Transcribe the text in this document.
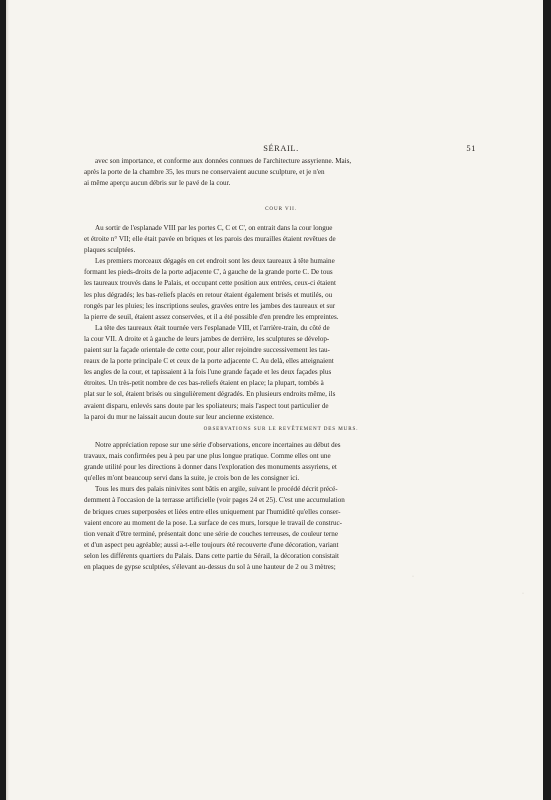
SÉRAIL.	51

avec son importance, et conforme aux données connues de l'architecture assyrienne. Mais,

après la porte de la chambre 35, les murs ne conservaient aucune sculpture, et je n'en

ai même aperçu aucun débris sur le pavé de la cour.

COUR VII.

Au sortir de l'esplanade VIII par les portes C, C et C', on entrait dans la cour longue

et étroite n° VII; elle était pavée en briques et les parois des murailles étaient revêtues de

plaques sculptées.

Les premiers morceaux dégagés en cet endroit sont les deux taureaux à tête humaine

formant les pieds-droits de la porte adjacente C', à gauche de la grande porte C. De tous

les taureaux trouvés dans le Palais, et occupant cette position aux entrées, ceux-ci étaient

les plus dégradés; les bas-reliefs placés en retour étaient également brisés et mutilés, ou

rongés par les pluies; les inscriptions seules, gravées entre les jambes des taureaux et sur

la pierre de seuil, étaient assez conservées, et il a été possible d'en prendre les empreintes.

La tête des taureaux était tournée vers l'esplanade VIII, et l'arrière-train, du côté de

la cour VII. A droite et à gauche de leurs jambes de derrière, les sculptures se dévelop-

paient sur la façade orientale de cette cour, pour aller rejoindre successivement les tau-

reaux de la porte principale C et ceux de la porte adjacente C. Au delà, elles atteignaient

les angles de la cour, et tapissaient à la fois l'une grande façade et les deux façades plus

étroites. Un très-petit nombre de ces bas-reliefs étaient en place; la plupart, tombés à

plat sur le sol, étaient brisés ou singulièrement dégradés. En plusieurs endroits même, ils

avaient disparu, enlevés sans doute par les spoliateurs; mais l'aspect tout particulier de

la paroi du mur ne laissait aucun doute sur leur ancienne existence.

OBSERVATIONS SUR LE REVÊTEMENT DES MURS.

Notre appréciation repose sur une série d'observations, encore incertaines au début des

travaux, mais confirmées peu à peu par une plus longue pratique. Comme elles ont une

grande utilité pour les directions à donner dans l'exploration des monuments assyriens, et

qu'elles m'ont beaucoup servi dans la suite, je crois bon de les consigner ici.

Tous les murs des palais ninivites sont bâtis en argile, suivant le procédé décrit précé-

demment à l'occasion de la terrasse artificielle (voir pages 24 et 25). C'est une accumulation

de briques crues superposées et liées entre elles uniquement par l'humidité qu'elles conser-

vaient encore au moment de la pose. La surface de ces murs, lorsque le travail de construc-

tion venait d'être terminé, présentait donc une série de couches terreuses, de couleur terne

et d'un aspect peu agréable; aussi a-t-elle toujours été recouverte d'une décoration, variant

selon les différents quartiers du Palais. Dans cette partie du Sérail, la décoration consistait

en plaques de gypse sculptées, s'élevant au-dessus du sol à une hauteur de 2 ou 3 mètres;

·
·
